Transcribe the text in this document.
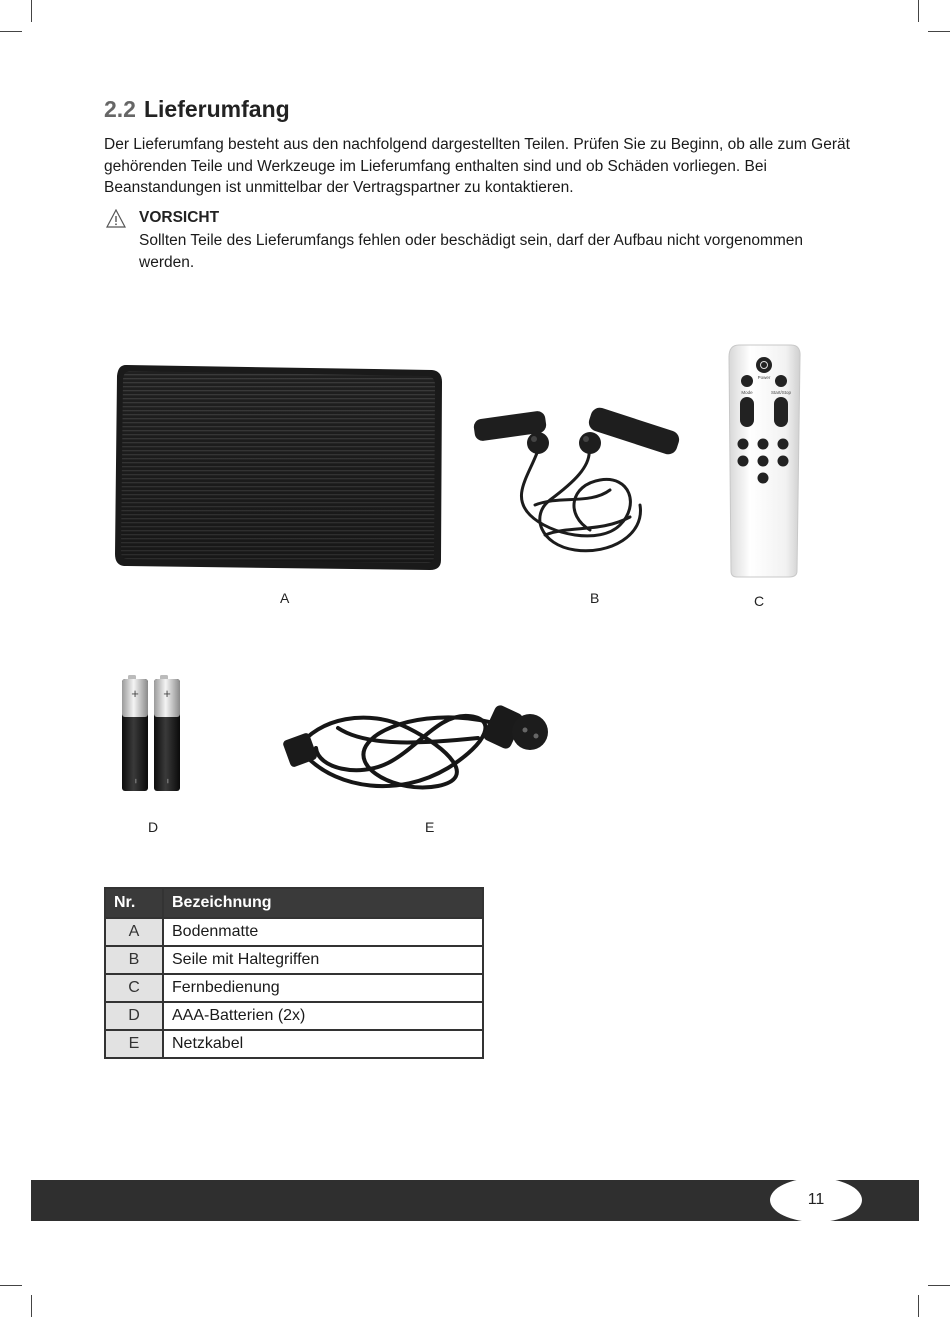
2.2 Lieferumfang

Der Lieferumfang besteht aus den nachfolgend dargestellten Teilen. Prüfen Sie zu Beginn, ob alle zum Gerät gehörenden Teile und Werkzeuge im Lieferumfang enthalten sind und ob Schäden vorliegen. Bei Beanstandungen ist unmittelbar der Vertragspartner zu kontaktieren.

VORSICHT

Sollten Teile des Lieferumfangs fehlen oder beschädigt sein, darf der Aufbau nicht vorgenommen werden.

A	B
Power
Mode	Start/Stop
C
+
−
+
−
D	E
Nr.	Bezeichnung
A	Bodenmatte
B	Seile mit Haltegriffen
C	Fernbedienung
D	AAA-Batterien (2x)
E	Netzkabel
11
